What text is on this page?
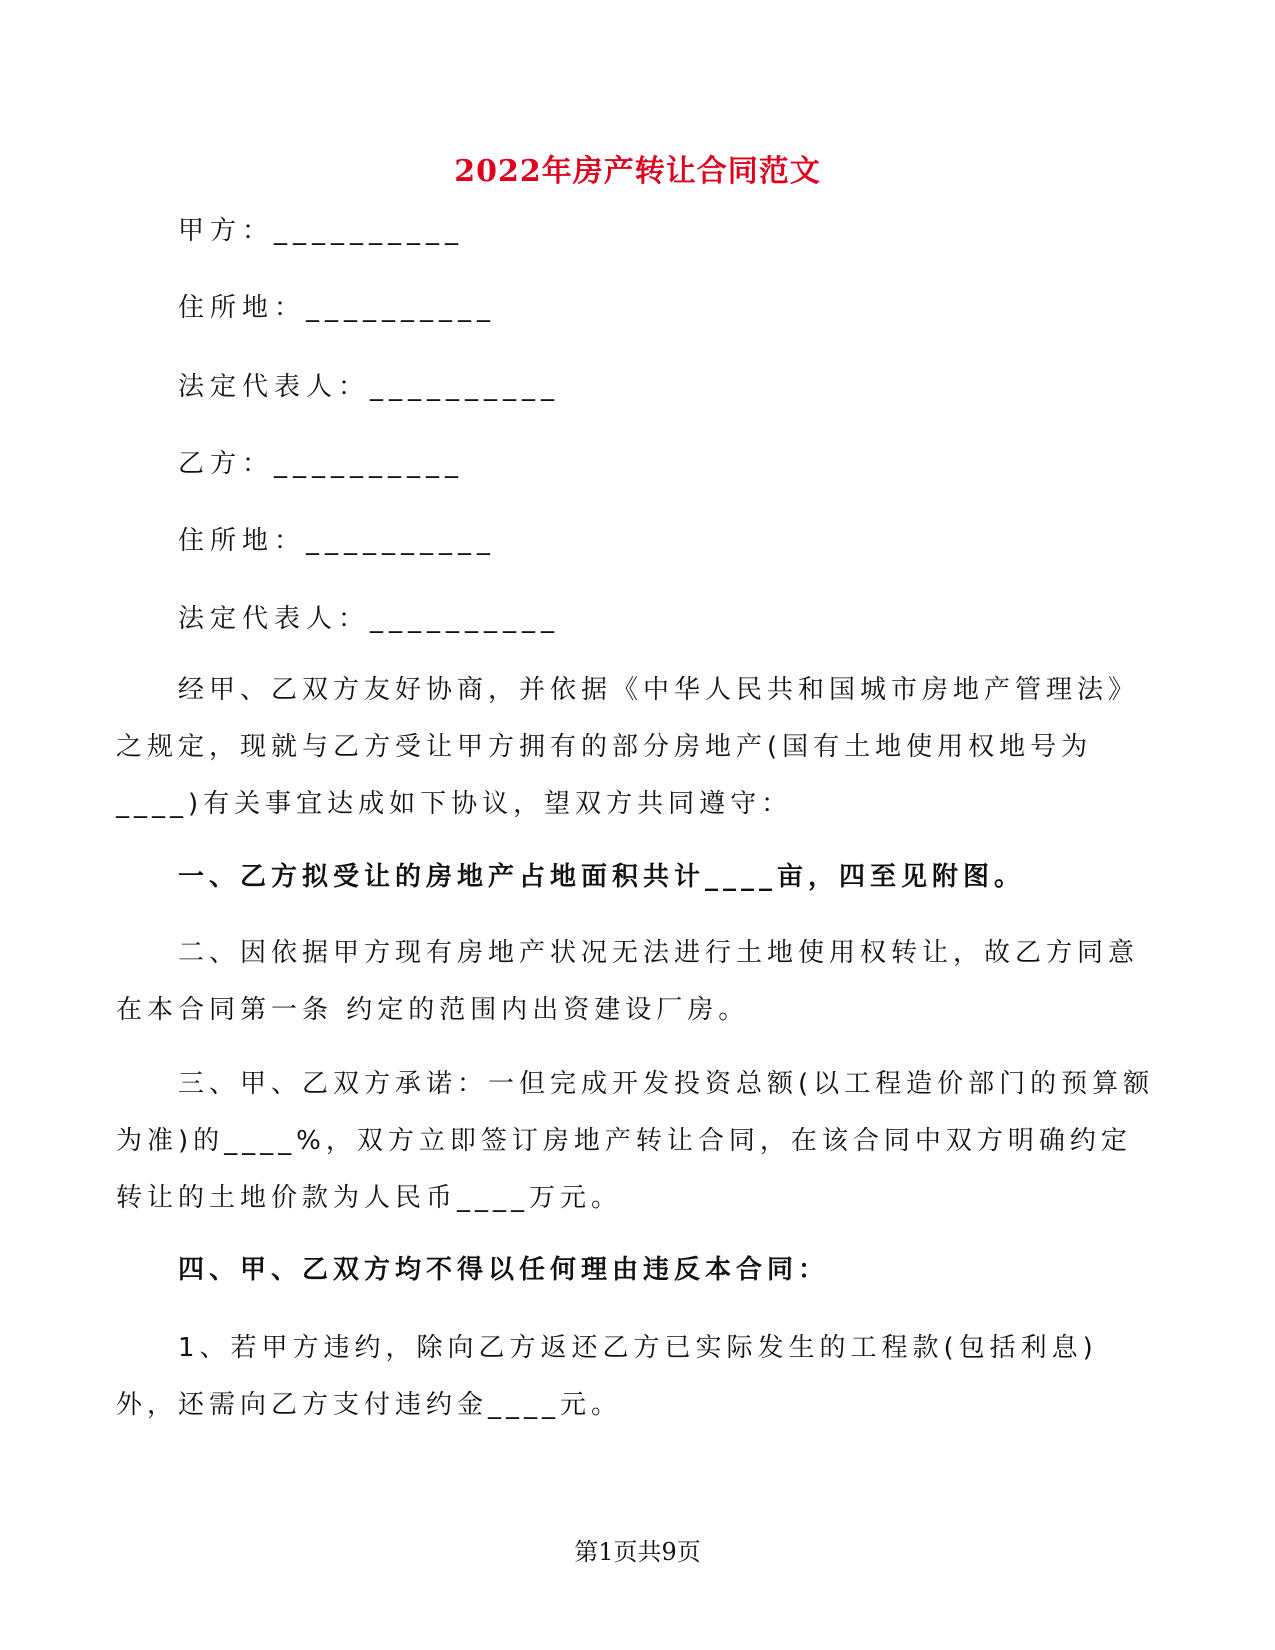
2022年房产转让合同范文
甲方：__________
住所地：__________
法定代表人：__________
乙方：__________
住所地：__________
法定代表人：__________

经甲、乙双方友好协商，并依据《中华人民共和国城市房地产管理法》之规定，现就与乙方受让甲方拥有的部分房地产(国有土地使用权地号为____)有关事宜达成如下协议，望双方共同遵守：

一、乙方拟受让的房地产占地面积共计____亩，四至见附图。

二、因依据甲方现有房地产状况无法进行土地使用权转让，故乙方同意在本合同第一条 约定的范围内出资建设厂房。

三、甲、乙双方承诺：一但完成开发投资总额(以工程造价部门的预算额为准)的____%，双方立即签订房地产转让合同，在该合同中双方明确约定转让的土地价款为人民币____万元。

四、甲、乙双方均不得以任何理由违反本合同：

1、若甲方违约，除向乙方返还乙方已实际发生的工程款(包括利息)外，还需向乙方支付违约金____元。

第1页共9页
